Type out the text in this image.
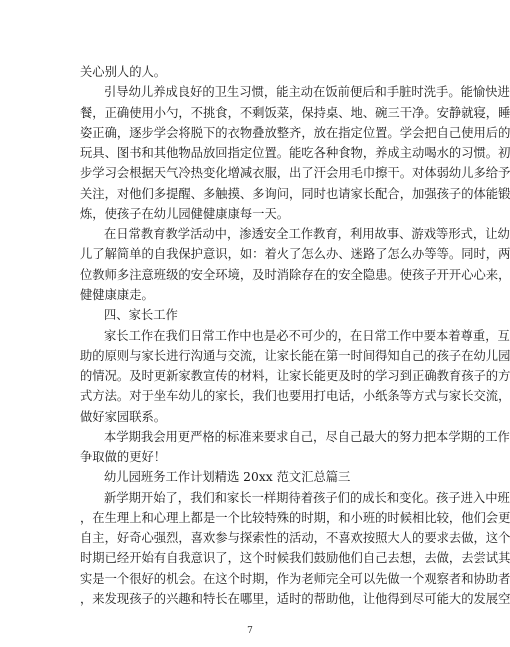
关心别人的人。
引导幼儿养成良好的卫生习惯，能主动在饭前便后和手脏时洗手。能愉快进
餐，正确使用小勺，不挑食，不剩饭菜，保持桌、地、碗三干净。安静就寝，睡
姿正确，逐步学会将脱下的衣物叠放整齐，放在指定位置。学会把自己使用后的
玩具、图书和其他物品放回指定位置。能吃各种食物，养成主动喝水的习惯。初
步学习会根据天气冷热变化增减衣服，出了汗会用毛巾擦干。对体弱幼儿多给予
关注，对他们多提醒、多触摸、多询问，同时也请家长配合，加强孩子的体能锻
炼，使孩子在幼儿园健健康康每一天。
在日常教育教学活动中，渗透安全工作教育，利用故事、游戏等形式，让幼
儿了解简单的自我保护意识，如：着火了怎么办、迷路了怎么办等等。同时，两
位教师多注意班级的安全环境，及时消除存在的安全隐患。使孩子开开心心来，
健健康康走。
四、家长工作
家长工作在我们日常工作中也是必不可少的，在日常工作中要本着尊重，互
助的原则与家长进行沟通与交流，让家长能在第一时间得知自己的孩子在幼儿园
的情况。及时更新家教宣传的材料，让家长能更及时的学习到正确教育孩子的方
式方法。对于坐车幼儿的家长，我们也要用打电话，小纸条等方式与家长交流，
做好家园联系。
本学期我会用更严格的标准来要求自己，尽自己最大的努力把本学期的工作
争取做的更好！
幼儿园班务工作计划精选 20xx 范文汇总篇三
新学期开始了，我们和家长一样期待着孩子们的成长和变化。孩子进入中班
，在生理上和心理上都是一个比较特殊的时期，和小班的时候相比较，他们会更
自主，好奇心强烈，喜欢参与探索性的活动，不喜欢按照大人的要求去做，这个
时期已经开始有自我意识了，这个时候我们鼓励他们自己去想，去做，去尝试其
实是一个很好的机会。在这个时期，作为老师完全可以先做一个观察者和协助者
，来发现孩子的兴趣和特长在哪里，适时的帮助他，让他得到尽可能大的发展空
7
